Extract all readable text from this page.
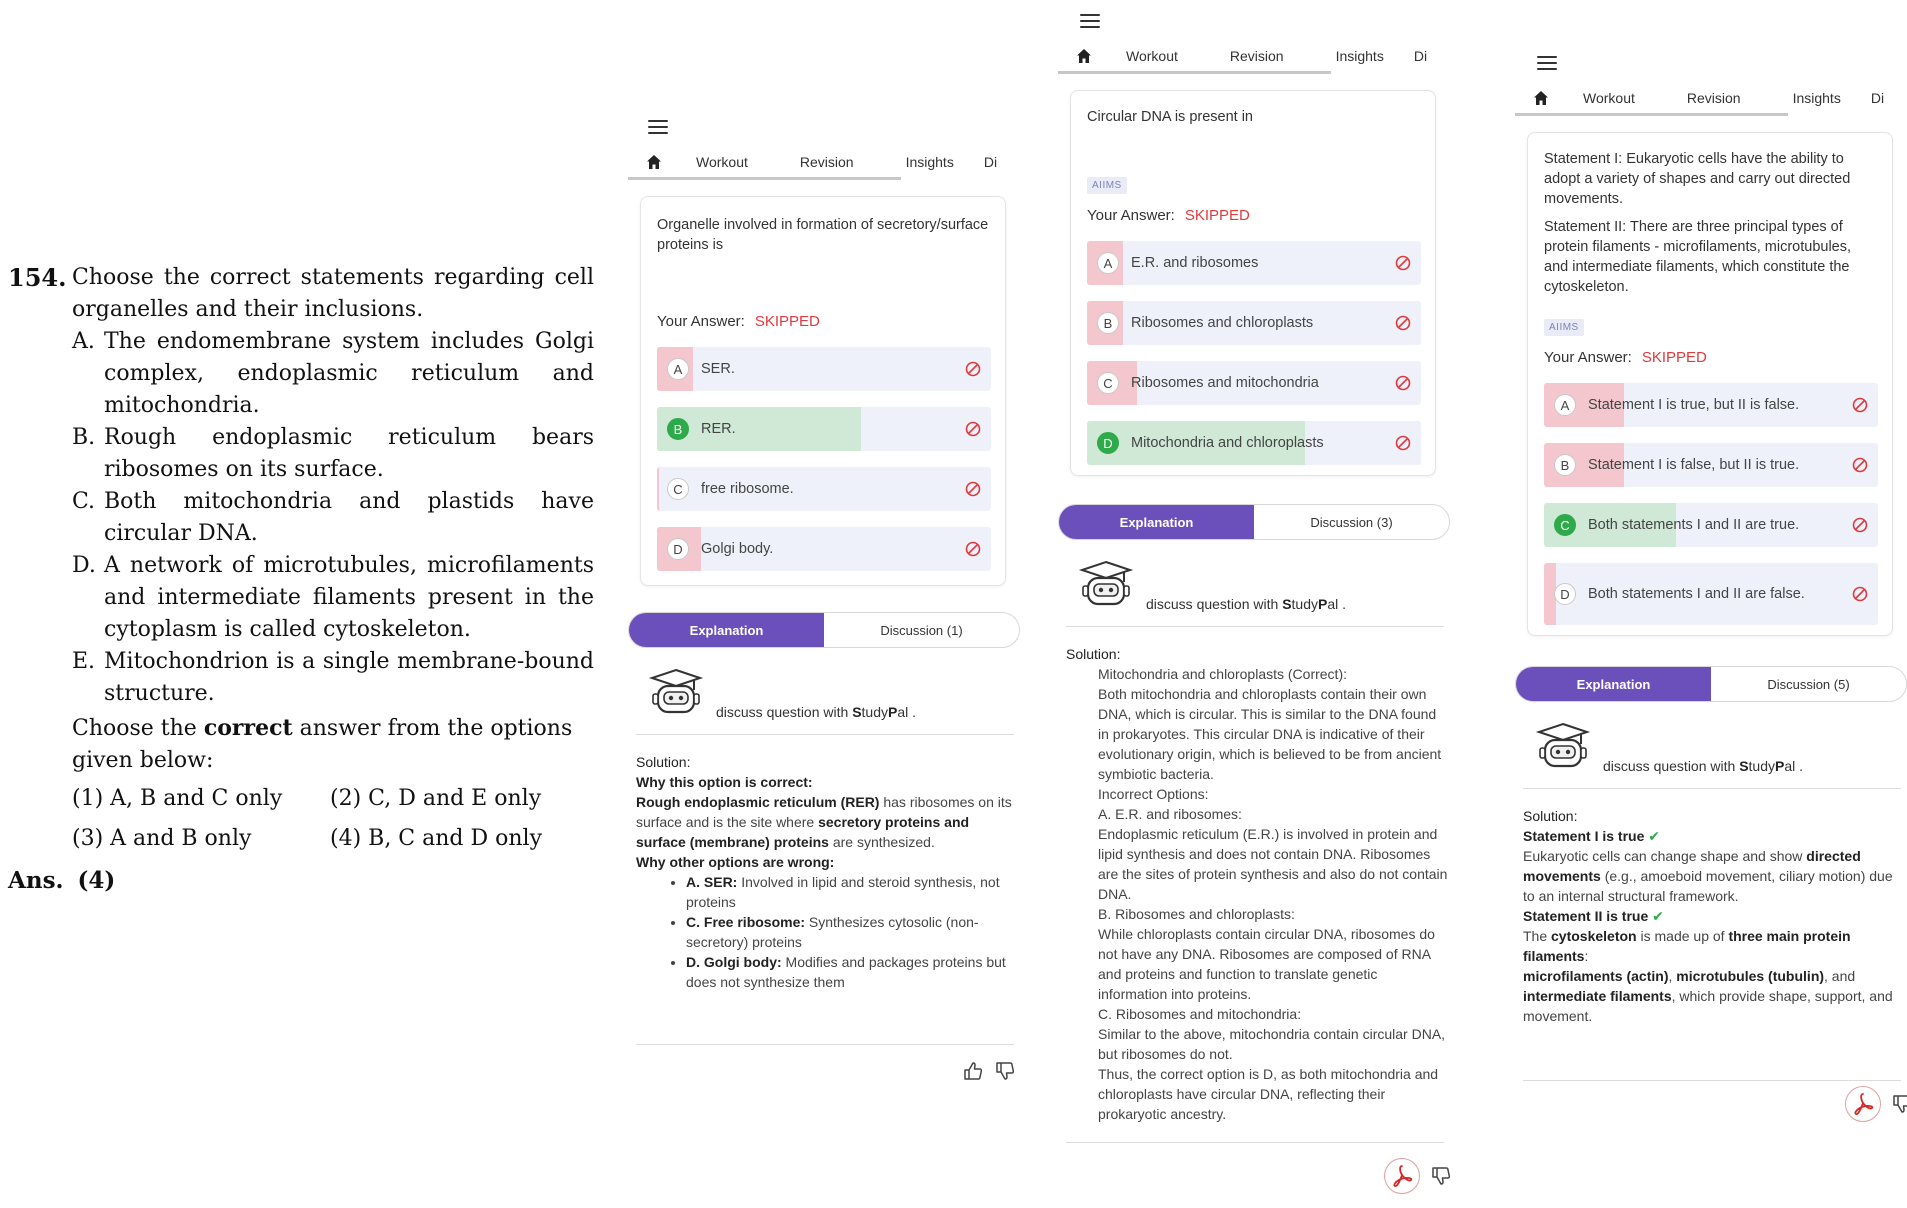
154. Choose the correct statements regarding cell organelles and their inclusions.
A. The endomembrane system includes Golgi complex, endoplasmic reticulum and mitochondria.
B. Rough endoplasmic reticulum bears ribosomes on its surface.
C. Both mitochondria and plastids have circular DNA.
D. A network of microtubules, microfilaments and intermediate filaments present in the cytoplasm is called cytoskeleton.
E. Mitochondrion is a single membrane-bound structure.
Choose the correct answer from the options given below:
(1) A, B and C only	(2) C, D and E only
(3) A and B only	(4) B, C and D only
Ans. (4)
Workout	Revision	Insights	Di
Organelle involved in formation of secretory/surface proteins is
Your Answer: SKIPPED
A	SER.
B	RER.
C	free ribosome.
D	Golgi body.
Explanation	Discussion (1)
discuss question with StudyPal .
Solution:
Why this option is correct:
Rough endoplasmic reticulum (RER) has ribosomes on its surface and is the site where secretory proteins and surface (membrane) proteins are synthesized.
Why other options are wrong:
• A. SER: Involved in lipid and steroid synthesis, not proteins
• C. Free ribosome: Synthesizes cytosolic (non-secretory) proteins
• D. Golgi body: Modifies and packages proteins but does not synthesize them
Workout	Revision	Insights	Di
Circular DNA is present in
AIIMS
Your Answer: SKIPPED
A	E.R. and ribosomes
B	Ribosomes and chloroplasts
C	Ribosomes and mitochondria
D	Mitochondria and chloroplasts
Explanation	Discussion (3)
discuss question with StudyPal .
Solution:
Mitochondria and chloroplasts (Correct):
Both mitochondria and chloroplasts contain their own DNA, which is circular. This is similar to the DNA found in prokaryotes. This circular DNA is indicative of their evolutionary origin, which is believed to be from ancient symbiotic bacteria.
Incorrect Options:
A. E.R. and ribosomes:
Endoplasmic reticulum (E.R.) is involved in protein and lipid synthesis and does not contain DNA. Ribosomes are the sites of protein synthesis and also do not contain DNA.
B. Ribosomes and chloroplasts:
While chloroplasts contain circular DNA, ribosomes do not have any DNA. Ribosomes are composed of RNA and proteins and function to translate genetic information into proteins.
C. Ribosomes and mitochondria:
Similar to the above, mitochondria contain circular DNA, but ribosomes do not.
Thus, the correct option is D, as both mitochondria and chloroplasts have circular DNA, reflecting their prokaryotic ancestry.
Workout	Revision	Insights	Di

Statement I: Eukaryotic cells have the ability to adopt a variety of shapes and carry out directed movements.

Statement II: There are three principal types of protein filaments - microfilaments, microtubules, and intermediate filaments, which constitute the cytoskeleton.

AIIMS
Your Answer: SKIPPED
A	Statement I is true, but II is false.
B	Statement I is false, but II is true.
C	Both statements I and II are true.
D	Both statements I and II are false.
Explanation	Discussion (5)
discuss question with StudyPal .
Solution:
Statement I is true ✔
Eukaryotic cells can change shape and show directed movements (e.g., amoeboid movement, ciliary motion) due to an internal structural framework.
Statement II is true ✔
The cytoskeleton is made up of three main protein filaments:
microfilaments (actin), microtubules (tubulin), and intermediate filaments, which provide shape, support, and movement.
